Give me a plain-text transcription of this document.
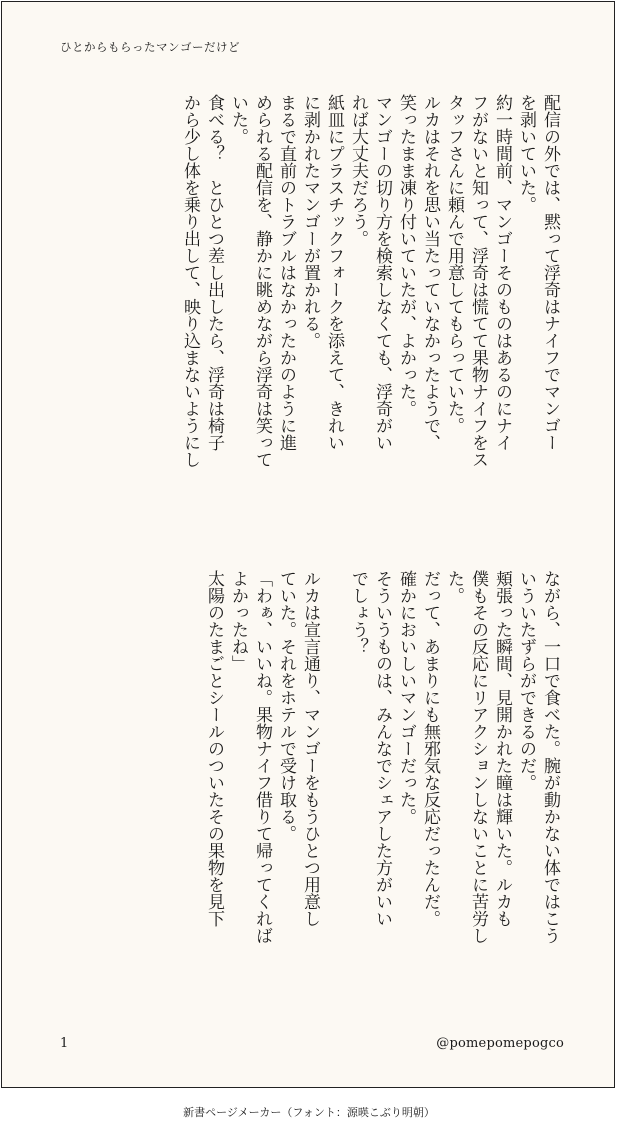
ひとからもらったマンゴーだけど

配信の外では、黙って浮奇はナイフでマンゴー

を剥いていた。

約一時間前、マンゴーそのものはあるのにナイ

フがないと知って、浮奇は慌てて果物ナイフをス

タッフさんに頼んで用意してもらっていた。

ルカはそれを思い当たっていなかったようで、

笑ったまま凍り付いていたが、よかった。

マンゴーの切り方を検索しなくても、浮奇がい

れば大丈夫だろう。

紙皿にプラスチックフォークを添えて、きれい

に剥かれたマンゴーが置かれる。

まるで直前のトラブルはなかったかのように進

められる配信を、静かに眺めながら浮奇は笑って

いた。

食べる？　とひとつ差し出したら、浮奇は椅子

から少し体を乗り出して、映り込まないようにし

ながら、一口で食べた。腕が動かない体ではこう

いういたずらができるのだ。

頬張った瞬間、見開かれた瞳は輝いた。ルカも

僕もその反応にリアクションしないことに苦労し

た。

だって、あまりにも無邪気な反応だったんだ。

確かにおいしいマンゴーだった。

そういうものは、みんなでシェアした方がいい

でしょう？

ルカは宣言通り、マンゴーをもうひとつ用意し

ていた。それをホテルで受け取る。

「わぁ、いいね。果物ナイフ借りて帰ってくれば

よかったね」

太陽のたまごとシールのついたその果物を見下

1	@pomepomepogco
新書ページメーカー（フォント：源暎こぶり明朝）
